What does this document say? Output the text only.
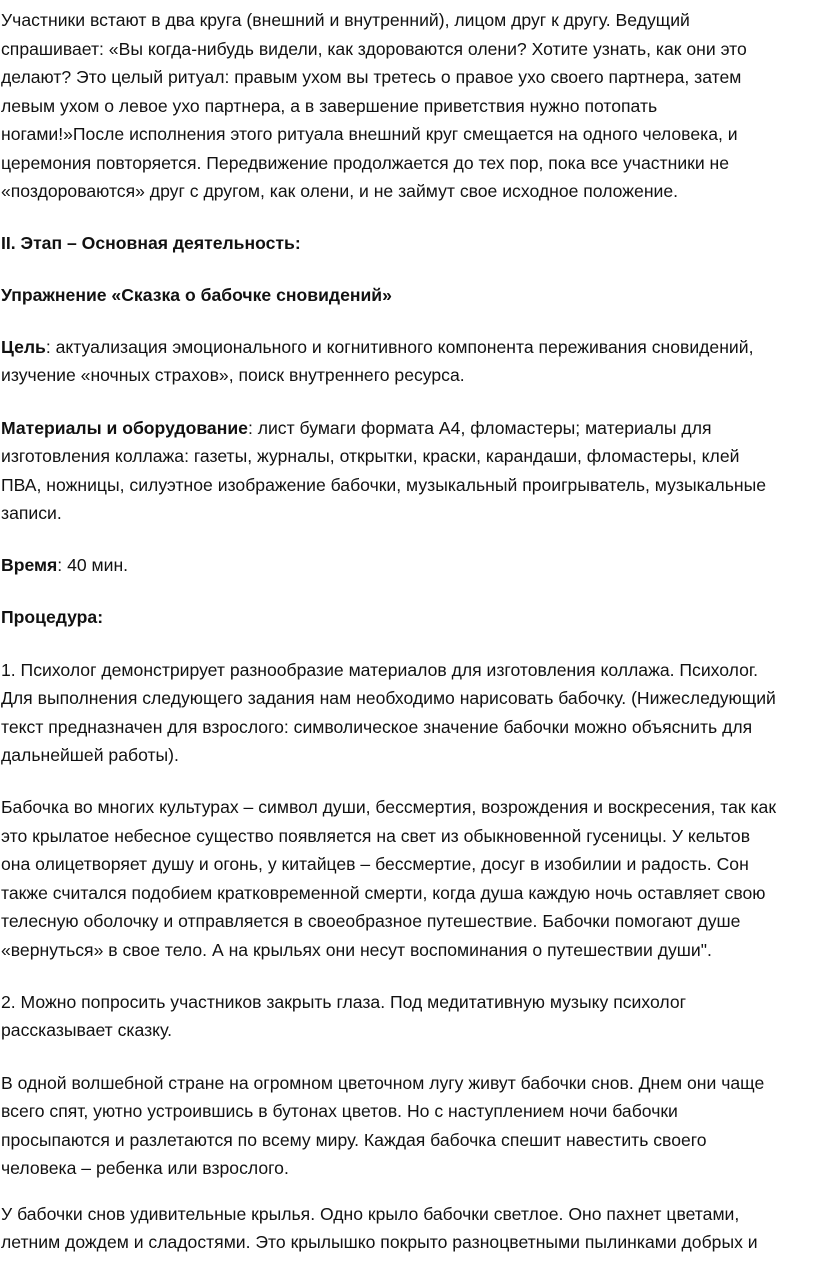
Участники встают в два круга (внешний и внутренний), лицом друг к другу. Ведущий
спрашивает: «Вы когда-нибудь видели, как здороваются олени? Хотите узнать, как они это
делают? Это целый ритуал: правым ухом вы третесь о правое ухо своего партнера, затем
левым ухом о левое ухо партнера, а в завершение приветствия нужно потопать
ногами!»После исполнения этого ритуала внешний круг смещается на одного человека, и
церемония повторяется. Передвижение продолжается до тех пор, пока все участники не
«поздороваются» друг с другом, как олени, и не займут свое исходное положение.
II. Этап – Основная деятельность:
Упражнение «Сказка о бабочке сновидений»
Цель: актуализация эмоционального и когнитивного компонента переживания сновидений,
изучение «ночных страхов», поиск внутреннего ресурса.
Материалы и оборудование: лист бумаги формата А4, фломастеры; материалы для
изготовления коллажа: газеты, журналы, открытки, краски, карандаши, фломастеры, клей
ПВА, ножницы, силуэтное изображение бабочки, музыкальный проигрыватель, музыкальные
записи.
Время: 40 мин.
Процедура:
1. Психолог демонстрирует разнообразие материалов для изготовления коллажа. Психолог.
Для выполнения следующего задания нам необходимо нарисовать бабочку. (Нижеследующий
текст предназначен для взрослого: символическое значение бабочки можно объяснить для
дальнейшей работы).
Бабочка во многих культурах – символ души, бессмертия, возрождения и воскресения, так как
это крылатое небесное существо появляется на свет из обыкновенной гусеницы. У кельтов
она олицетворяет душу и огонь, у китайцев – бессмертие, досуг в изобилии и радость. Сон
также считался подобием кратковременной смерти, когда душа каждую ночь оставляет свою
телесную оболочку и отправляется в своеобразное путешествие. Бабочки помогают душе
«вернуться» в свое тело. А на крыльях они несут воспоминания о путешествии души".
2. Можно попросить участников закрыть глаза. Под медитативную музыку психолог
рассказывает сказку.
В одной волшебной стране на огромном цветочном лугу живут бабочки снов. Днем они чаще
всего спят, уютно устроившись в бутонах цветов. Но с наступлением ночи бабочки
просыпаются и разлетаются по всему миру. Каждая бабочка спешит навестить своего
человека – ребенка или взрослого.
У бабочки снов удивительные крылья. Одно крыло бабочки светлое. Оно пахнет цветами,
летним дождем и сладостями. Это крылышко покрыто разноцветными пылинками добрых и
